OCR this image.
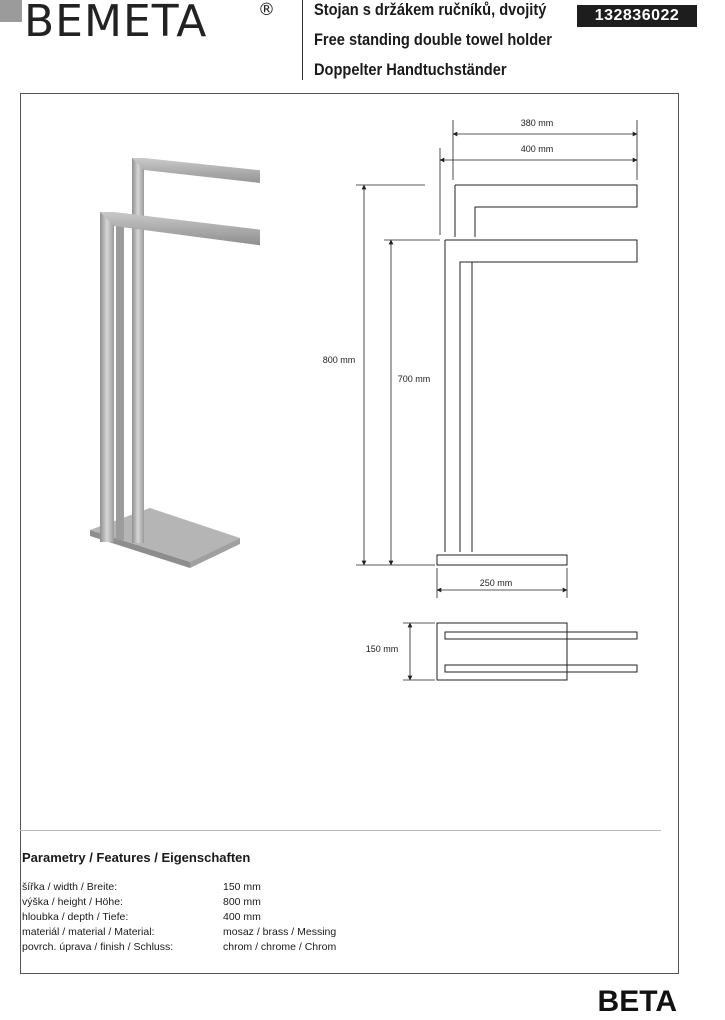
BEMETA	® Stojan s držákem ručníků, dvojitý
Free standing double towel holder
Doppelter Handtuchständer
132836022
380 mm
400 mm
800 mm
700 mm
250 mm
150 mm
Parametry / Features / Eigenschaften
šířka / width / Breite:	150 mm
výška / height / Höhe:	800 mm
hloubka / depth / Tiefe:	400 mm
materiál / material / Material:	mosaz / brass / Messing
povrch. úprava / finish / Schluss:	chrom / chrome / Chrom
BETA
